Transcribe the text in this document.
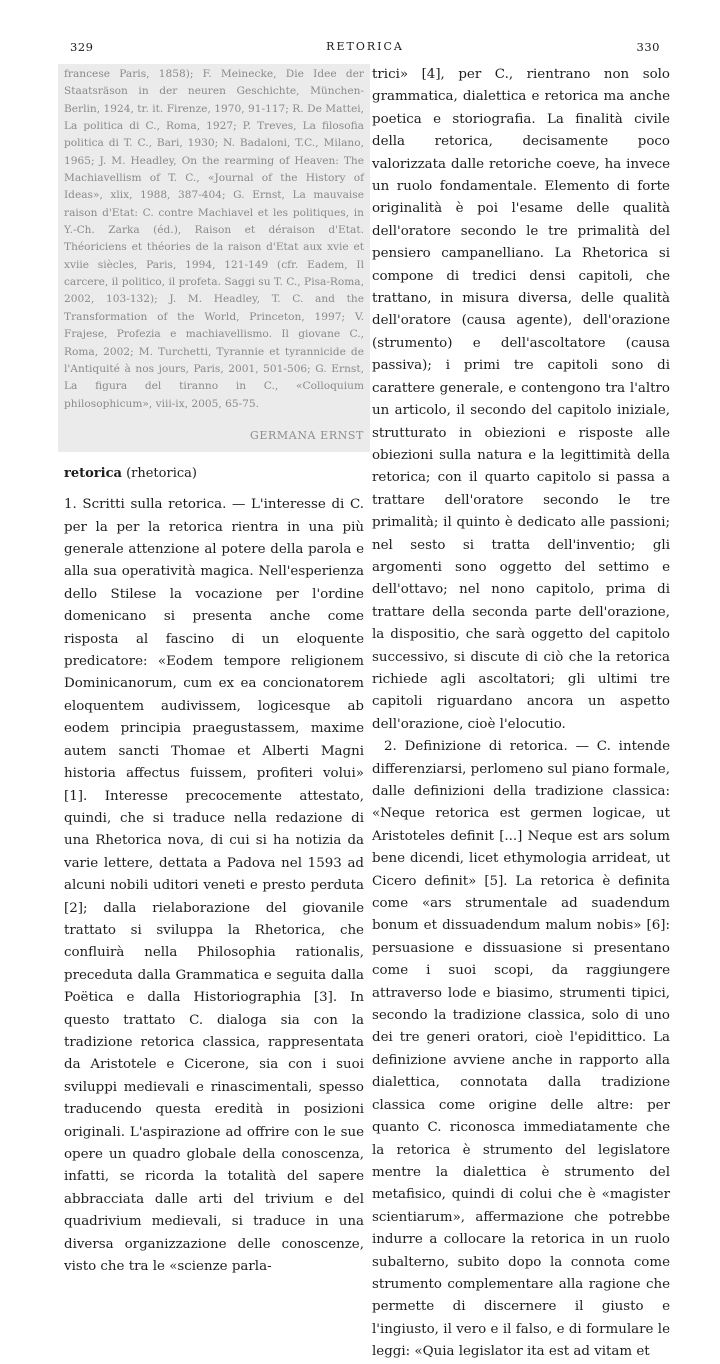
329	RETORICA	330
francese Paris, 1858); F. Meinecke, Die Idee der Staatsräson in der neuren Geschichte, München-Berlin, 1924, tr. it. Firenze, 1970, 91-117; R. De Mattei, La politica di C., Roma, 1927; P. Treves, La filosofia politica di T. C., Bari, 1930; N. Badaloni, T.C., Milano, 1965; J. M. Headley, On the rearming of Heaven: The Machiavellism of T. C., «Journal of the History of Ideas», xlix, 1988, 387-404; G. Ernst, La mauvaise raison d'Etat: C. contre Machiavel et les politiques, in Y.-Ch. Zarka (éd.), Raison et déraison d'Etat. Théoriciens et théories de la raison d'Etat aux xvie et xviie siècles, Paris, 1994, 121-149 (cfr. Eadem, Il carcere, il politico, il profeta. Saggi su T. C., Pisa-Roma, 2002, 103-132); J. M. Headley, T. C. and the Transformation of the World, Princeton, 1997; V. Frajese, Profezia e machiavellismo. Il giovane C., Roma, 2002; M. Turchetti, Tyrannie et tyrannicide de l'Antiquité à nos jours, Paris, 2001, 501-506; G. Ernst, La figura del tiranno in C., «Colloquium philosophicum», viii-ix, 2005, 65-75.
GERMANA ERNST
retorica (rhetorica)

1. Scritti sulla retorica. — L'interesse di C. per la per la retorica rientra in una più generale attenzione al potere della parola e alla sua operatività magica. Nell'esperienza dello Stilese la vocazione per l'ordine domenicano si presenta anche come risposta al fascino di un eloquente predicatore: «Eodem tempore religionem Dominicanorum, cum ex ea concionatorem eloquentem audivissem, logicesque ab eodem principia praegustassem, maxime autem sancti Thomae et Alberti Magni historia affectus fuissem, profiteri volui» [1]. Interesse precocemente attestato, quindi, che si traduce nella redazione di una Rhetorica nova, di cui si ha notizia da varie lettere, dettata a Padova nel 1593 ad alcuni nobili uditori veneti e presto perduta [2]; dalla rielaborazione del giovanile trattato si sviluppa la Rhetorica, che confluirà nella Philosophia rationalis, preceduta dalla Grammatica e seguita dalla Poëtica e dalla Historiographia [3]. In questo trattato C. dialoga sia con la tradizione retorica classica, rappresentata da Aristotele e Cicerone, sia con i suoi sviluppi medievali e rinascimentali, spesso traducendo questa eredità in posizioni originali. L'aspirazione ad offrire con le sue opere un quadro globale della conoscenza, infatti, se ricorda la totalità del sapere abbracciata dalle arti del trivium e del quadrivium medievali, si traduce in una diversa organizzazione delle conoscenze, visto che tra le «scienze parla-

trici» [4], per C., rientrano non solo grammatica, dialettica e retorica ma anche poetica e storiografia. La finalità civile della retorica, decisamente poco valorizzata dalle retoriche coeve, ha invece un ruolo fondamentale. Elemento di forte originalità è poi l'esame delle qualità dell'oratore secondo le tre primalità del pensiero campanelliano. La Rhetorica si compone di tredici densi capitoli, che trattano, in misura diversa, delle qualità dell'oratore (causa agente), dell'orazione (strumento) e dell'ascoltatore (causa passiva); i primi tre capitoli sono di carattere generale, e contengono tra l'altro un articolo, il secondo del capitolo iniziale, strutturato in obiezioni e risposte alle obiezioni sulla natura e la legittimità della retorica; con il quarto capitolo si passa a trattare dell'oratore secondo le tre primalità; il quinto è dedicato alle passioni; nel sesto si tratta dell'inventio; gli argomenti sono oggetto del settimo e dell'ottavo; nel nono capitolo, prima di trattare della seconda parte dell'orazione, la dispositio, che sarà oggetto del capitolo successivo, si discute di ciò che la retorica richiede agli ascoltatori; gli ultimi tre capitoli riguardano ancora un aspetto dell'orazione, cioè l'elocutio.

2. Definizione di retorica. — C. intende differenziarsi, perlomeno sul piano formale, dalle definizioni della tradizione classica: «Neque retorica est germen logicae, ut Aristoteles definit [...] Neque est ars solum bene dicendi, licet ethymologia arrideat, ut Cicero definit» [5]. La retorica è definita come «ars strumentale ad suadendum bonum et dissuadendum malum nobis» [6]: persuasione e dissuasione si presentano come i suoi scopi, da raggiungere attraverso lode e biasimo, strumenti tipici, secondo la tradizione classica, solo di uno dei tre generi oratori, cioè l'epidittico. La definizione avviene anche in rapporto alla dialettica, connotata dalla tradizione classica come origine delle altre: per quanto C. riconosca immediatamente che la retorica è strumento del legislatore mentre la dialettica è strumento del metafisico, quindi di colui che è «magister scientiarum», affermazione che potrebbe indurre a collocare la retorica in un ruolo subalterno, subito dopo la connota come strumento complementare alla ragione che permette di discernere il giusto e l'ingiusto, il vero e il falso, e di formulare le leggi: «Quia legislator ita est ad vitam et
